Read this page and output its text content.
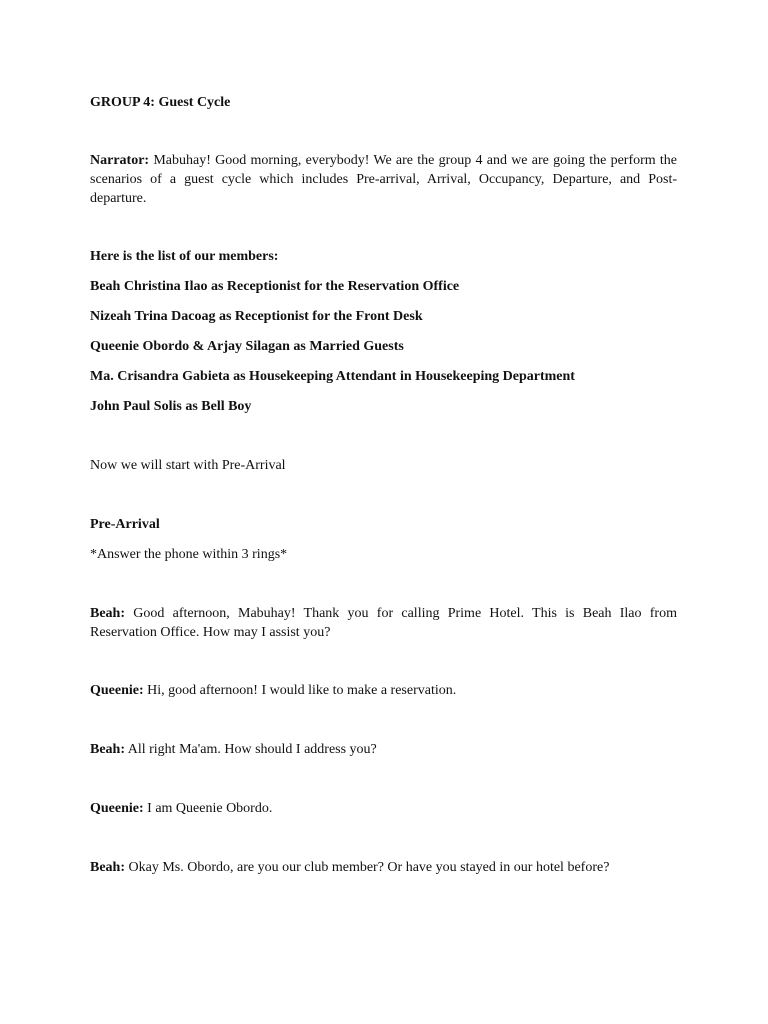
GROUP 4: Guest Cycle

Narrator: Mabuhay! Good morning, everybody! We are the group 4 and we are going the perform the scenarios of a guest cycle which includes Pre-arrival, Arrival, Occupancy, Departure, and Post-departure.

Here is the list of our members:

Beah Christina Ilao as Receptionist for the Reservation Office

Nizeah Trina Dacoag as Receptionist for the Front Desk

Queenie Obordo & Arjay Silagan as Married Guests

Ma. Crisandra Gabieta as Housekeeping Attendant in Housekeeping Department

John Paul Solis as Bell Boy

Now we will start with Pre-Arrival

Pre-Arrival

*Answer the phone within 3 rings*

Beah: Good afternoon, Mabuhay! Thank you for calling Prime Hotel. This is Beah Ilao from Reservation Office. How may I assist you?

Queenie: Hi, good afternoon! I would like to make a reservation.

Beah: All right Ma'am. How should I address you?

Queenie: I am Queenie Obordo.

Beah: Okay Ms. Obordo, are you our club member? Or have you stayed in our hotel before?
